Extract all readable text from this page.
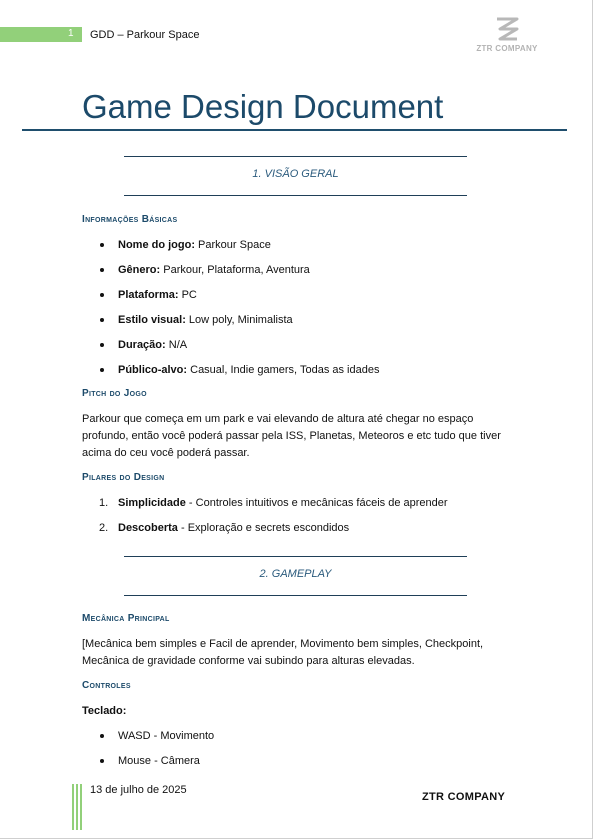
1 GDD – Parkour Space
ZTR COMPANY
Game Design Document
1. VISÃO GERAL
Informações Básicas
Nome do jogo: Parkour Space
Gênero: Parkour, Plataforma, Aventura
Plataforma: PC
Estilo visual: Low poly, Minimalista
Duração: N/A
Público-alvo: Casual, Indie gamers, Todas as idades
Pitch do Jogo

Parkour que começa em um park e vai elevando de altura até chegar no espaço profundo, então você poderá passar pela ISS, Planetas, Meteoros e etc tudo que tiver acima do ceu você poderá passar.

Pilares do Design
1. Simplicidade - Controles intuitivos e mecânicas fáceis de aprender
2. Descoberta - Exploração e secrets escondidos
2. GAMEPLAY
Mecânica Principal

[Mecânica bem simples e Facil de aprender, Movimento bem simples, Checkpoint, Mecânica de gravidade conforme vai subindo para alturas elevadas.

Controles
Teclado:
WASD - Movimento
Mouse - Câmera
13 de julho de 2025
ZTR COMPANY
